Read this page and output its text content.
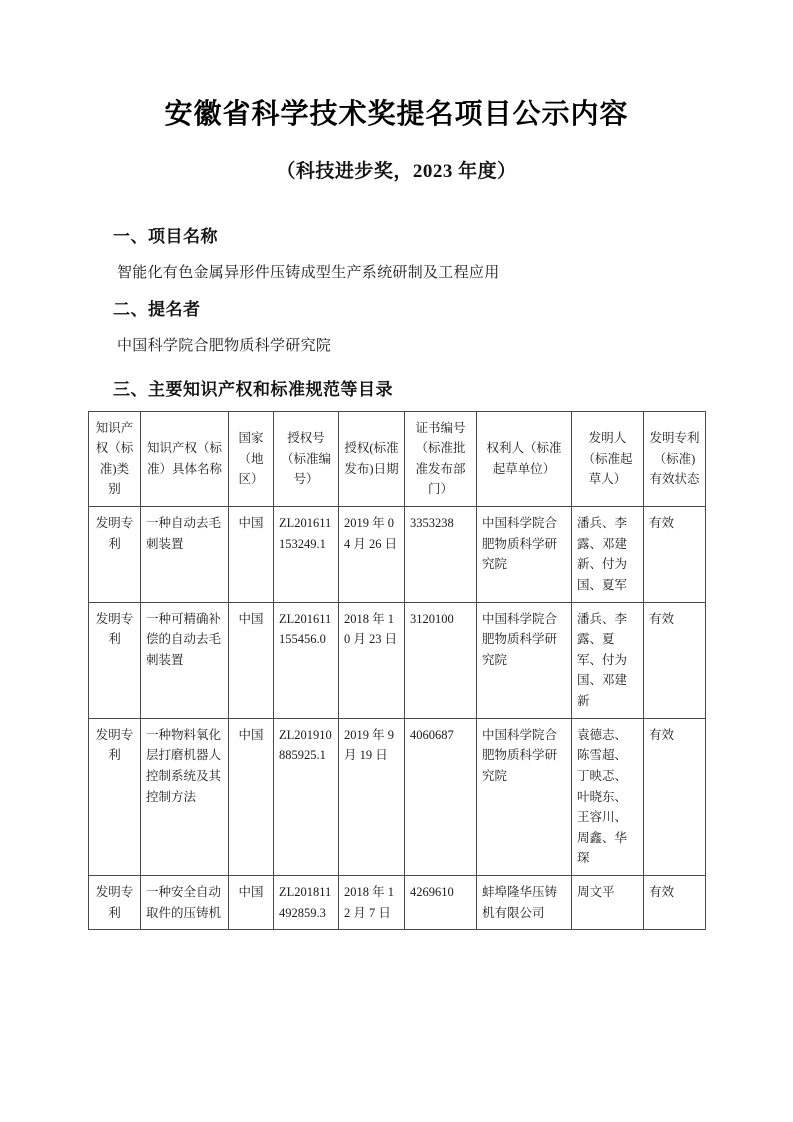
安徽省科学技术奖提名项目公示内容
（科技进步奖，2023 年度）
一、项目名称
智能化有色金属异形件压铸成型生产系统研制及工程应用
二、提名者
中国科学院合肥物质科学研究院
三、主要知识产权和标准规范等目录
知识产权（标准)类别	知识产权（标准）具体名称	国家（地区）	授权号（标准编号）	授权(标准发布)日期	证书编号（标准批准发布部门）	权利人（标准起草单位）	发明人（标准起草人）	发明专利（标准)有效状态
发明专利	一种自动去毛刺装置	中国	ZL201611153249.1	2019 年 04 月 26 日	3353238	中国科学院合肥物质科学研究院	潘兵、李露、邓建新、付为国、夏军	有效
发明专利	一种可精确补偿的自动去毛刺装置	中国	ZL201611155456.0	2018 年 10 月 23 日	3120100	中国科学院合肥物质科学研究院	潘兵、李露、夏军、付为国、邓建新	有效
发明专利	一种物料氧化层打磨机器人控制系统及其控制方法	中国	ZL201910885925.1	2019 年 9 月 19 日	4060687	中国科学院合肥物质科学研究院	袁德志、陈雪超、丁映忑、叶晓东、王容川、周鑫、华琛	有效
发明专利	一种安全自动取件的压铸机	中国	ZL201811492859.3	2018 年 12 月 7 日	4269610	蚌埠隆华压铸机有限公司	周文平	有效
